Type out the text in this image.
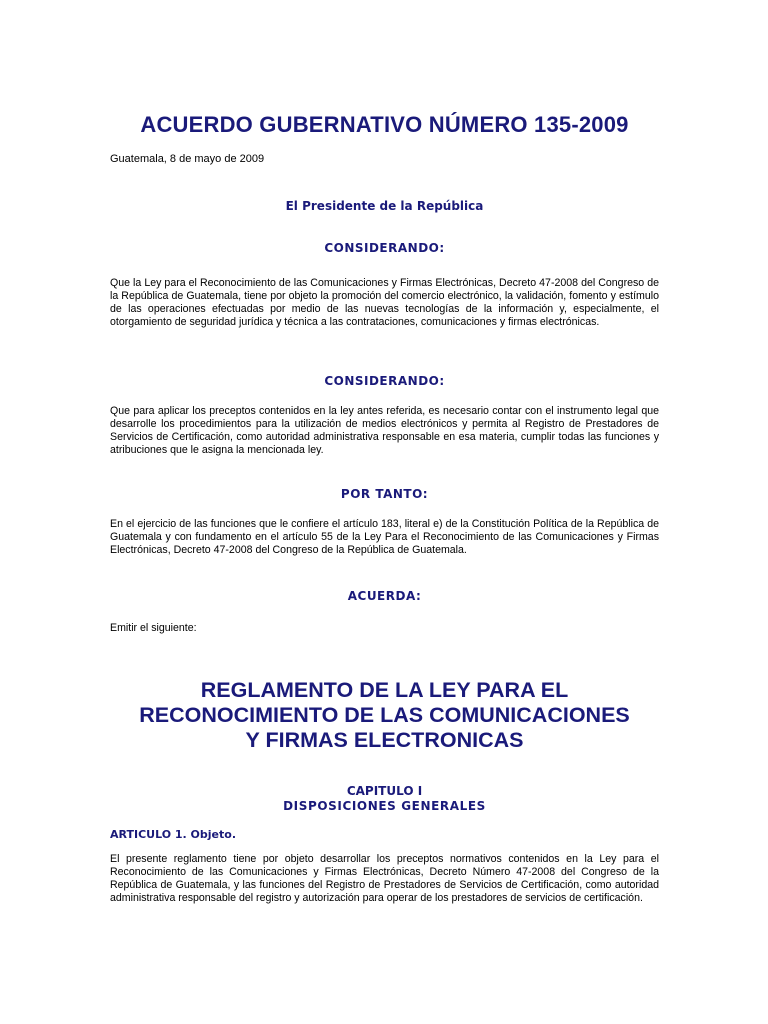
ACUERDO GUBERNATIVO NÚMERO 135-2009

Guatemala, 8 de mayo de 2009

El Presidente de la República

CONSIDERANDO:

Que la Ley para el Reconocimiento de las Comunicaciones y Firmas Electrónicas, Decreto 47-2008 del Congreso de la República de Guatemala, tiene por objeto la promoción del comercio electrónico, la validación, fomento y estímulo de las operaciones efectuadas por medio de las nuevas tecnologías de la información y, especialmente, el otorgamiento de seguridad jurídica y técnica a las contrataciones, comunicaciones y firmas electrónicas.

CONSIDERANDO:

Que para aplicar los preceptos contenidos en la ley antes referida, es necesario contar con el instrumento legal que desarrolle los procedimientos para la utilización de medios electrónicos y permita al Registro de Prestadores de Servicios de Certificación, como autoridad administrativa responsable en esa materia, cumplir todas las funciones y atribuciones que le asigna la mencionada ley.

POR TANTO:

En el ejercicio de las funciones que le confiere el artículo 183, literal e) de la Constitución Política de la República de Guatemala y con fundamento en el artículo 55 de la Ley Para el Reconocimiento de las Comunicaciones y Firmas Electrónicas, Decreto 47-2008 del Congreso de la República de Guatemala.

ACUERDA:

Emitir el siguiente:

REGLAMENTO DE LA LEY PARA EL
RECONOCIMIENTO DE LAS COMUNICACIONES
Y FIRMAS ELECTRONICAS
CAPITULO I
DISPOSICIONES GENERALES

ARTICULO 1. Objeto.

El presente reglamento tiene por objeto desarrollar los preceptos normativos contenidos en la Ley para el Reconocimiento de las Comunicaciones y Firmas Electrónicas, Decreto Número 47-2008 del Congreso de la República de Guatemala, y las funciones del Registro de Prestadores de Servicios de Certificación, como autoridad administrativa responsable del registro y autorización para operar de los prestadores de servicios de certificación.
